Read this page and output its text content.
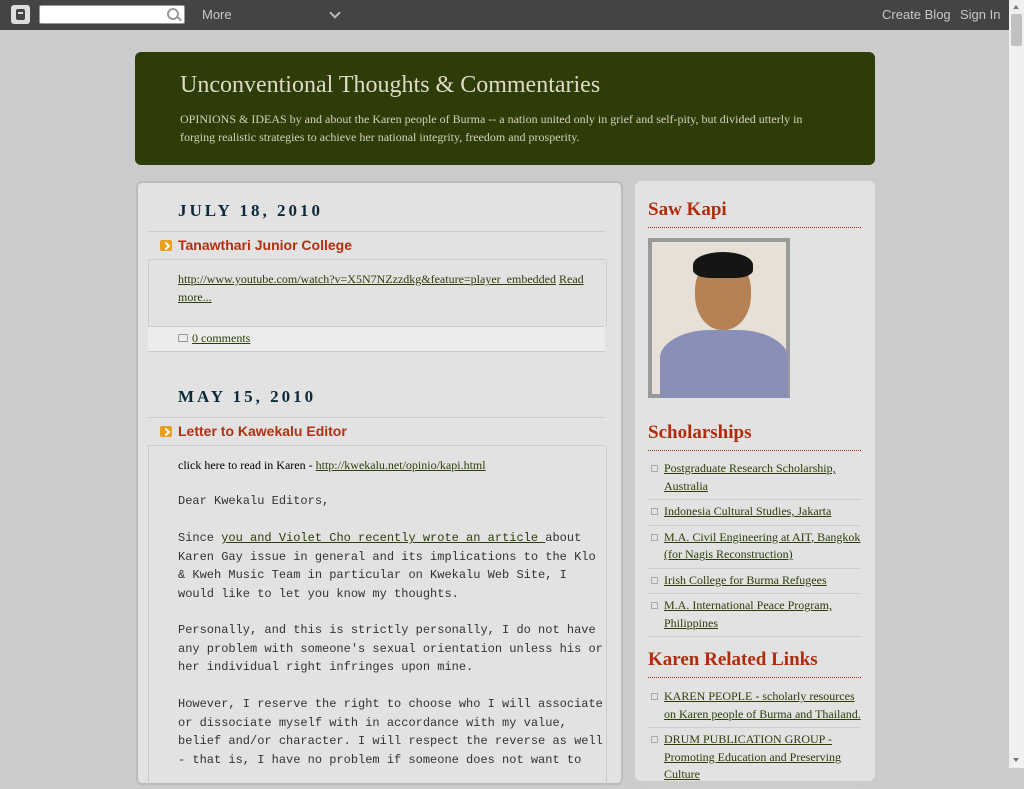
More	Create Blog Sign In
Unconventional Thoughts & Commentaries
OPINIONS & IDEAS by and about the Karen people of Burma -- a nation united only in grief and self-pity, but divided utterly in forging realistic strategies to achieve her national integrity, freedom and prosperity.
JULY 18, 2010
Tanawthari Junior College
http://www.youtube.com/watch?v=X5N7NZzzdkg&feature=player_embedded Read more...
0 comments
MAY 15, 2010
Letter to Kawekalu Editor
click here to read in Karen - http://kwekalu.net/opinio/kapi.html
Dear Kwekalu Editors,
Since you and Violet Cho recently wrote an article about
Karen Gay issue in general and its implications to the Klo
& Kweh Music Team in particular on Kwekalu Web Site, I
would like to let you know my thoughts.
Personally, and this is strictly personally, I do not have
any problem with someone's sexual orientation unless his or
her individual right infringes upon mine.
However, I reserve the right to choose who I will associate
or dissociate myself with in accordance with my value,
belief and/or character. I will respect the reverse as well
- that is, I have no problem if someone does not want to
Saw Kapi
Scholarships
Postgraduate Research Scholarship, Australia
Indonesia Cultural Studies, Jakarta
M.A. Civil Engineering at AIT, Bangkok (for Nagis Reconstruction)
Irish College for Burma Refugees
M.A. International Peace Program, Philippines
Karen Related Links
KAREN PEOPLE - scholarly resources on Karen people of Burma and Thailand.
DRUM PUBLICATION GROUP - Promoting Education and Preserving Culture
